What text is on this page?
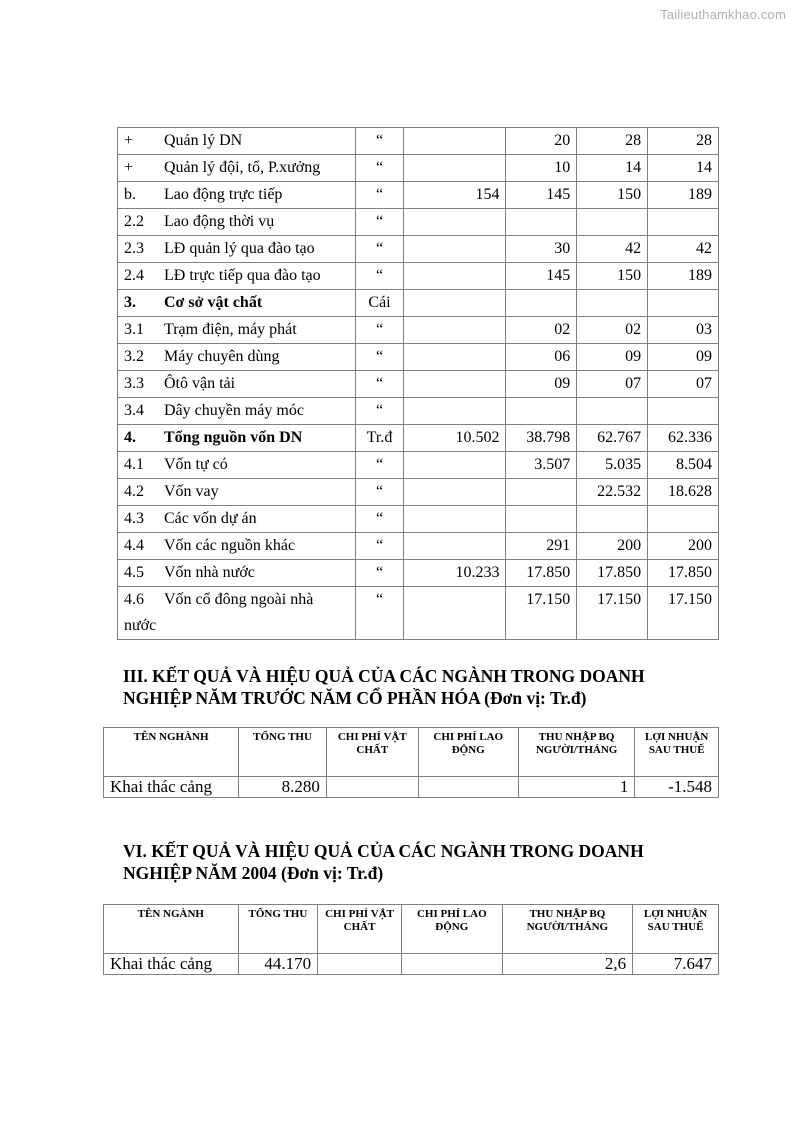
Tailieuthamkhao.com
+ Quản lý DN	“		20	28	28
+ Quản lý đội, tổ, P.xưởng	“		10	14	14
b. Lao động trực tiếp	“	154	145	150	189
2.2 Lao động thời vụ	“				
2.3 LĐ quản lý qua đào tạo	“		30	42	42
2.4 LĐ trực tiếp qua đào tạo	“		145	150	189
3. Cơ sở vật chất	Cái				
3.1 Trạm điện, máy phát	“		02	02	03
3.2 Máy chuyên dùng	“		06	09	09
3.3 Ôtô vận tải	“		09	07	07
3.4 Dây chuyền máy móc	“				
4. Tổng nguồn vốn DN	Tr.đ	10.502	38.798	62.767	62.336
4.1 Vốn tự có	“		3.507	5.035	8.504
4.2 Vốn vay	“			22.532	18.628
4.3 Các vốn dự án	“				
4.4 Vốn các nguồn khác	“		291	200	200
4.5 Vốn nhà nước	“	10.233	17.850	17.850	17.850
4.6 Vốn cổ đông ngoài nhà
nước	“		17.150	17.150	17.150
III. KẾT QUẢ VÀ HIỆU QUẢ CỦA CÁC NGÀNH TRONG DOANH
NGHIỆP NĂM TRƯỚC NĂM CỔ PHẦN HÓA (Đơn vị: Tr.đ)
TÊN NGHÀNH	TỔNG THU	CHI PHÍ VẬT CHẤT	CHI PHÍ LAO ĐỘNG	THU NHẬP BQ NGƯỜI/THÁNG	LỢI NHUẬN SAU THUẾ
Khai thác cảng	8.280			1	-1.548
VI. KẾT QUẢ VÀ HIỆU QUẢ CỦA CÁC NGÀNH TRONG DOANH
NGHIỆP NĂM 2004 (Đơn vị: Tr.đ)
TÊN NGÀNH	TỔNG THU	CHI PHÍ VẬT CHẤT	CHI PHÍ LAO ĐỘNG	THU NHẬP BQ NGƯỜI/THÁNG	LỢI NHUẬN SAU THUẾ
Khai thác cảng	44.170			2,6	7.647
